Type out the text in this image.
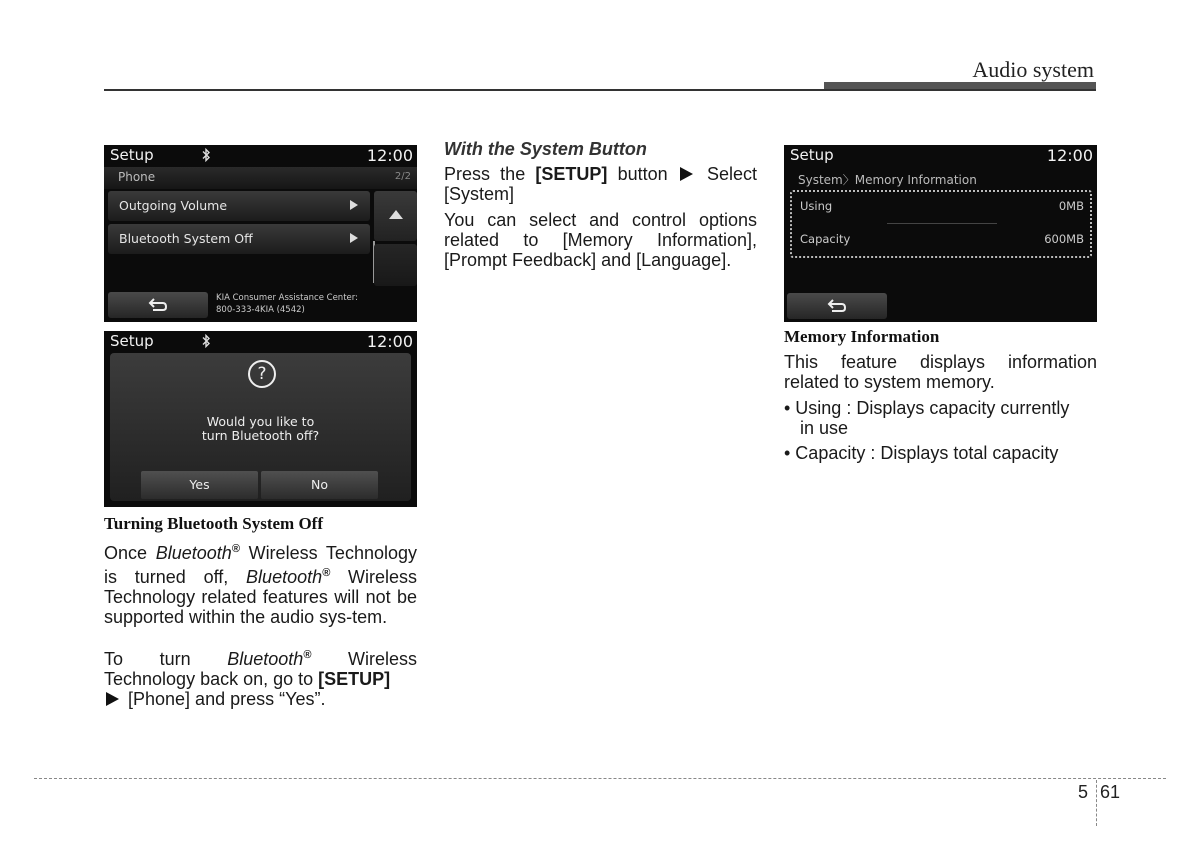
Audio system
Setup	12:00
Phone	2/2
Outgoing Volume
Bluetooth System Off
KIA Consumer Assistance Center:
800-333-4KIA (4542)
Setup	12:00
?
Would you like to
turn Bluetooth off?
Yes	No
Turning Bluetooth System Off
Once Bluetooth® Wireless Technology is turned off, Bluetooth® Wireless Technology related features will not be supported within the audio sys-tem.
To turn Bluetooth® Wireless Technology back on, go to [SETUP]
[Phone] and press “Yes”.
With the System Button
Press the [SETUP] button  Select [System]
You can select and control options related to [Memory Information], [Prompt Feedback] and [Language].
Setup	12:00
System〉Memory Information
Using	0MB
Capacity	600MB
Memory Information
This feature displays information related to system memory.
• Using : Displays capacity currently
in use
• Capacity : Displays total capacity
5 61
